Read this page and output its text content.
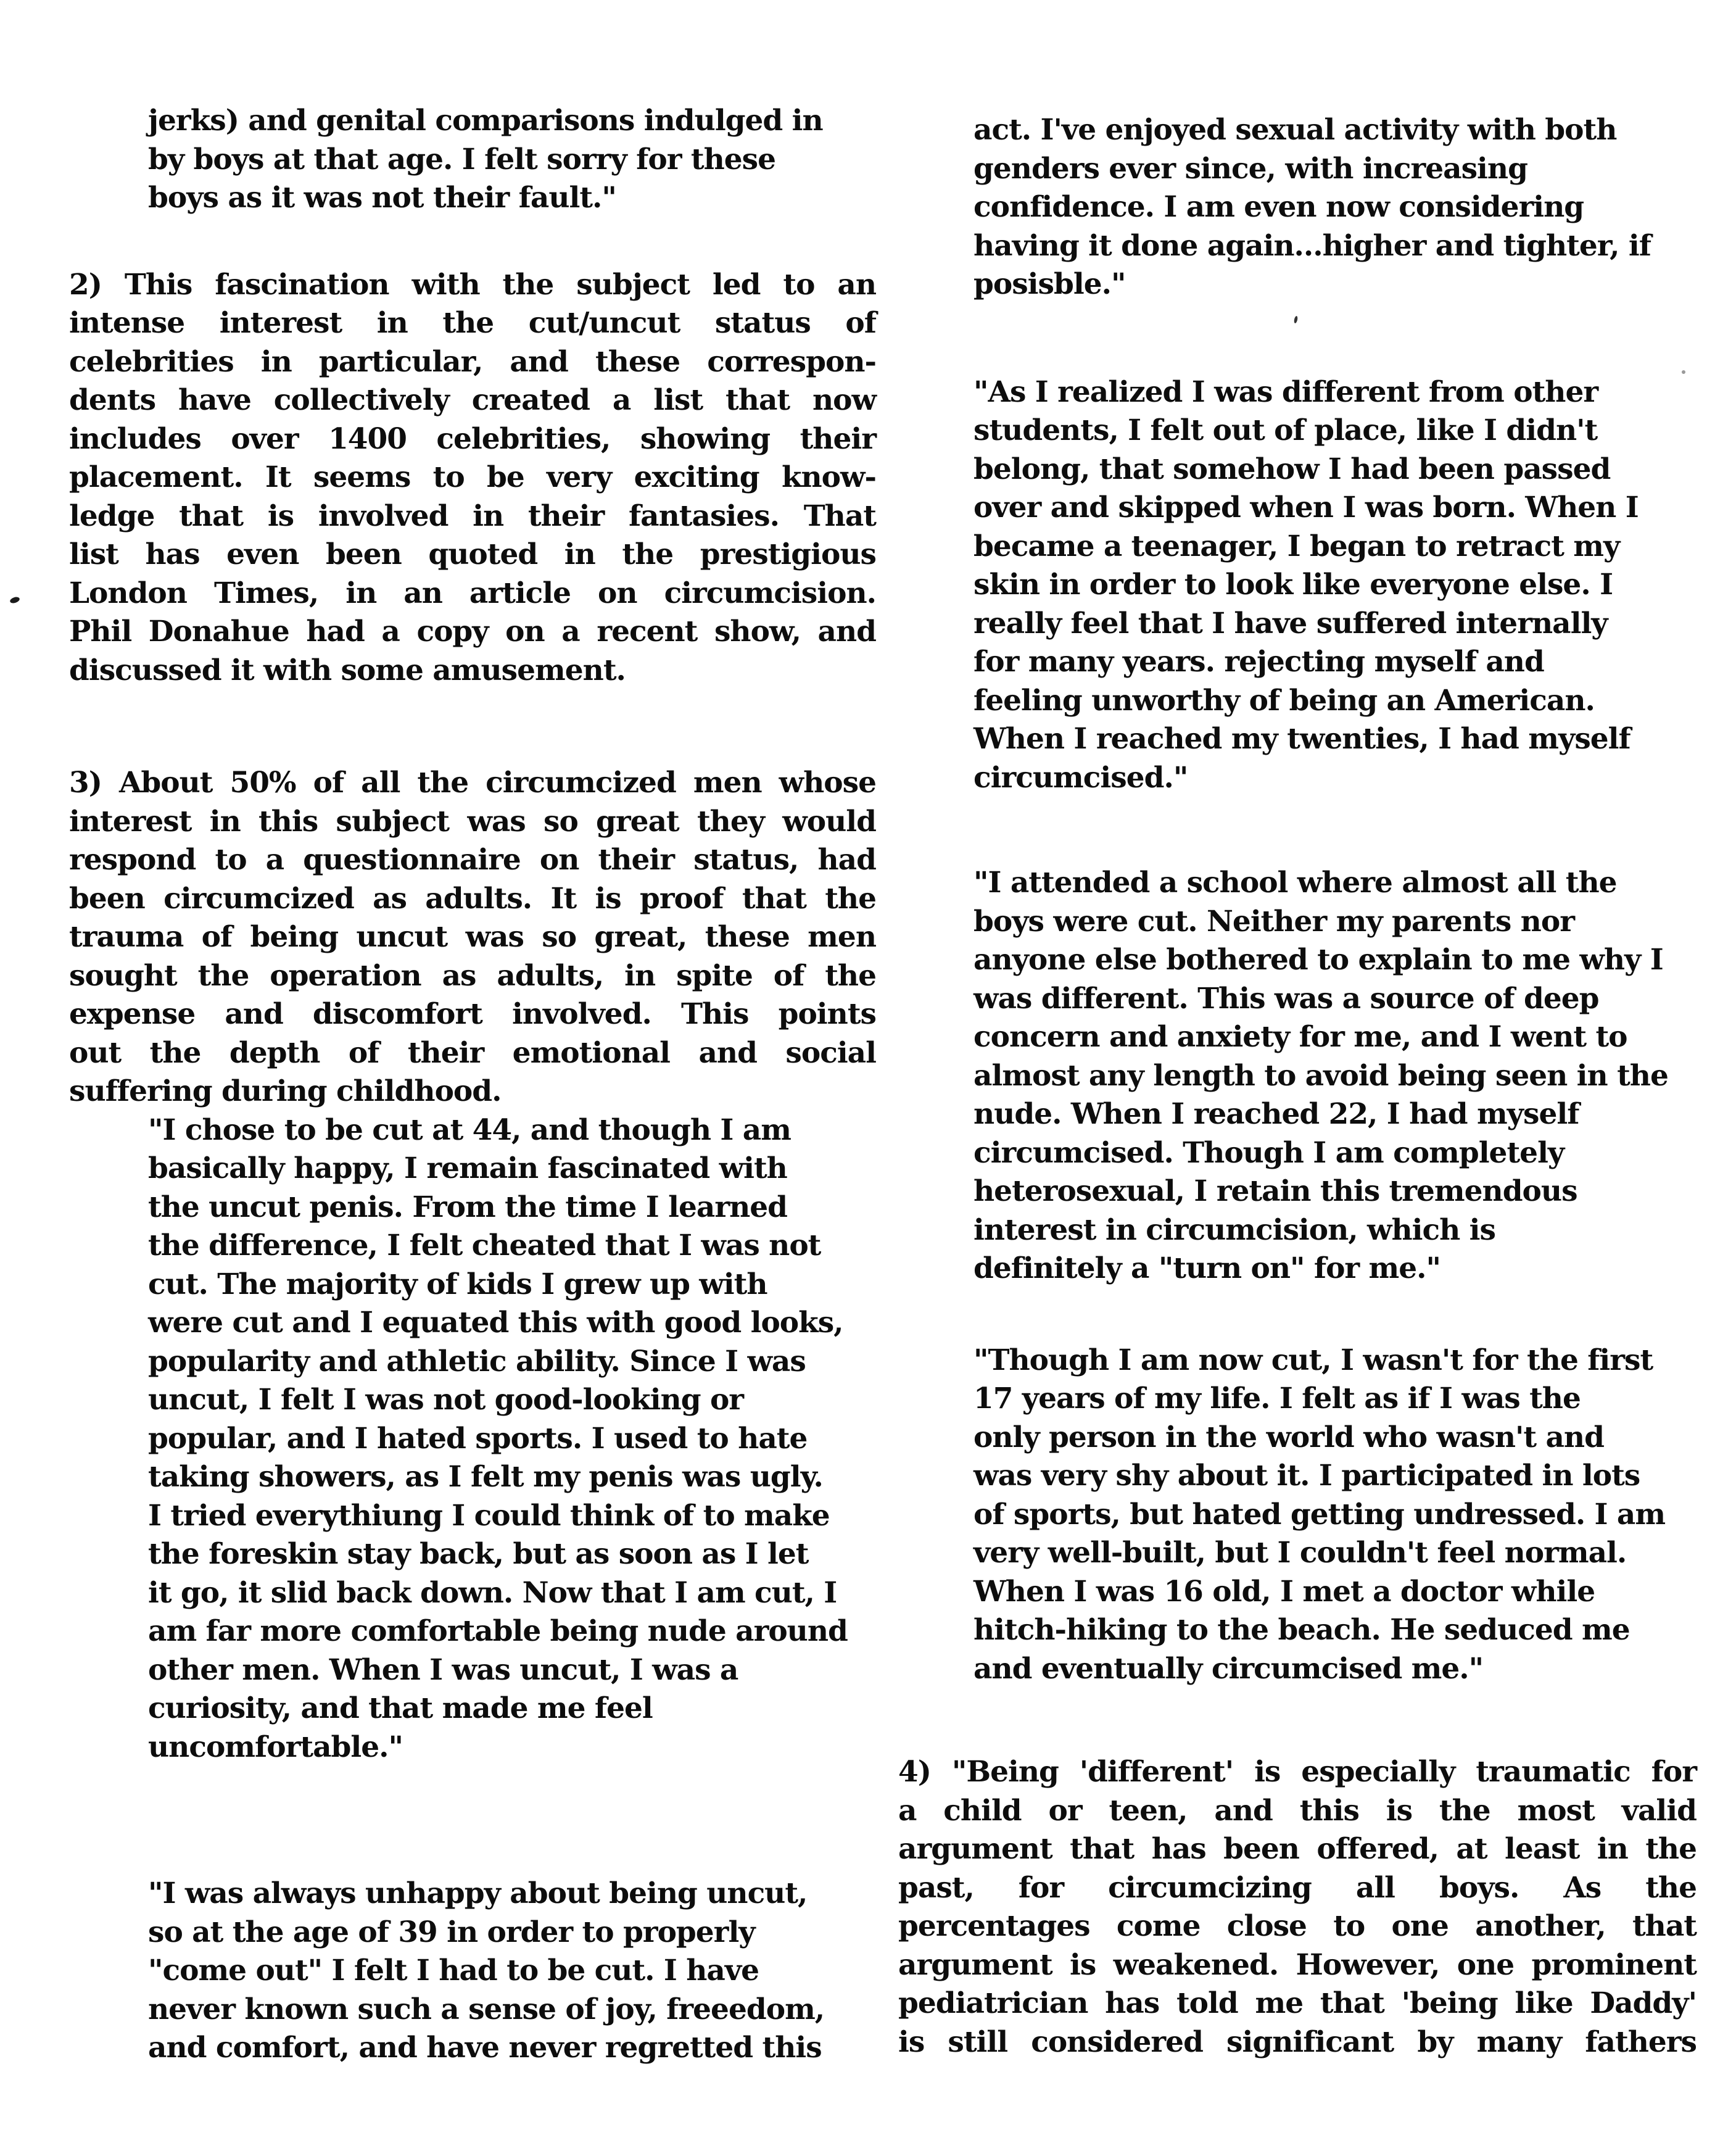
jerks) and genital comparisons indulged in
by boys at that age. I felt sorry for these
boys as it was not their fault."
2) This fascination with the subject led to an
intense interest in the cut/uncut status of
celebrities in particular, and these correspon-
dents have collectively created a list that now
includes over 1400 celebrities, showing their
placement. It seems to be very exciting know-
ledge that is involved in their fantasies. That
list has even been quoted in the prestigious
London Times, in an article on circumcision.
Phil Donahue had a copy on a recent show, and
discussed it with some amusement.
3) About 50% of all the circumcized men whose
interest in this subject was so great they would
respond to a questionnaire on their status, had
been circumcized as adults. It is proof that the
trauma of being uncut was so great, these men
sought the operation as adults, in spite of the
expense and discomfort involved. This points
out the depth of their emotional and social
suffering during childhood.
"I chose to be cut at 44, and though I am
basically happy, I remain fascinated with
the uncut penis. From the time I learned
the difference, I felt cheated that I was not
cut. The majority of kids I grew up with
were cut and I equated this with good looks,
popularity and athletic ability. Since I was
uncut, I felt I was not good-looking or
popular, and I hated sports. I used to hate
taking showers, as I felt my penis was ugly.
I tried everythiung I could think of to make
the foreskin stay back, but as soon as I let
it go, it slid back down. Now that I am cut, I
am far more comfortable being nude around
other men. When I was uncut, I was a
curiosity, and that made me feel
uncomfortable."
"I was always unhappy about being uncut,
so at the age of 39 in order to properly
"come out" I felt I had to be cut. I have
never known such a sense of joy, freeedom,
and comfort, and have never regretted this
act. I've enjoyed sexual activity with both
genders ever since, with increasing
confidence. I am even now considering
having it done again...higher and tighter, if
posisble."
"As I realized I was different from other
students, I felt out of place, like I didn't
belong, that somehow I had been passed
over and skipped when I was born. When I
became a teenager, I began to retract my
skin in order to look like everyone else. I
really feel that I have suffered internally
for many years. rejecting myself and
feeling unworthy of being an American.
When I reached my twenties, I had myself
circumcised."
"I attended a school where almost all the
boys were cut. Neither my parents nor
anyone else bothered to explain to me why I
was different. This was a source of deep
concern and anxiety for me, and I went to
almost any length to avoid being seen in the
nude. When I reached 22, I had myself
circumcised. Though I am completely
heterosexual, I retain this tremendous
interest in circumcision, which is
definitely a "turn on" for me."
"Though I am now cut, I wasn't for the first
17 years of my life. I felt as if I was the
only person in the world who wasn't and
was very shy about it. I participated in lots
of sports, but hated getting undressed. I am
very well-built, but I couldn't feel normal.
When I was 16 old, I met a doctor while
hitch-hiking to the beach. He seduced me
and eventually circumcised me."
4) "Being 'different' is especially traumatic for
a child or teen, and this is the most valid
argument that has been offered, at least in the
past, for circumcizing all boys. As the
percentages come close to one another, that
argument is weakened. However, one prominent
pediatrician has told me that 'being like Daddy'
is still considered significant by many fathers
